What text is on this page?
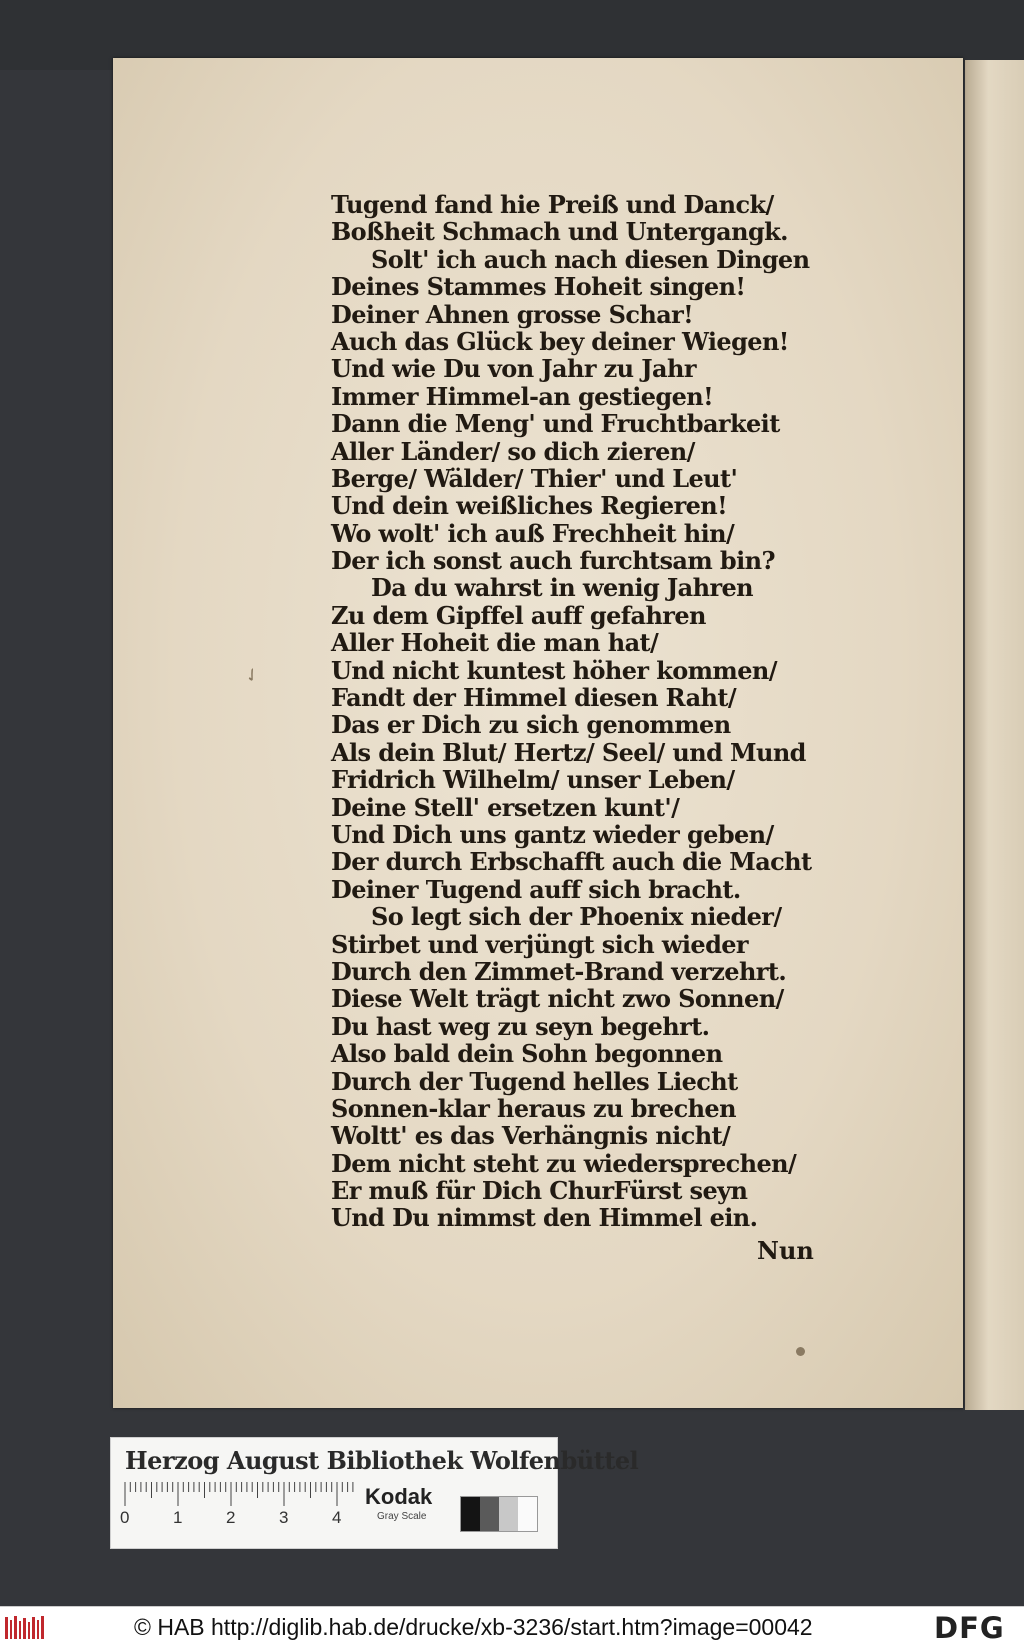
Tugend fand hie Preiß und Danck/
Boßheit Schmach und Untergangk.
Solt' ich auch nach diesen Dingen
Deines Stammes Hoheit singen!
Deiner Ahnen grosse Schar!
Auch das Glück bey deiner Wiegen!
Und wie Du von Jahr zu Jahr
Immer Himmel-an gestiegen!
Dann die Meng' und Fruchtbarkeit
Aller Länder/ so dich zieren/
Berge/ Wälder/ Thier' und Leut'
Und dein weißliches Regieren!
Wo wolt' ich auß Frechheit hin/
Der ich sonst auch furchtsam bin?
Da du wahrst in wenig Jahren
Zu dem Gipffel auff gefahren
Aller Hoheit die man hat/
Und nicht kuntest höher kommen/
Fandt der Himmel diesen Raht/
Das er Dich zu sich genommen
Als dein Blut/ Hertz/ Seel/ und Mund
Fridrich Wilhelm/ unser Leben/
Deine Stell' ersetzen kunt'/
Und Dich uns gantz wieder geben/
Der durch Erbschafft auch die Macht
Deiner Tugend auff sich bracht.
So legt sich der Phoenix nieder/
Stirbet und verjüngt sich wieder
Durch den Zimmet-Brand verzehrt.
Diese Welt trägt nicht zwo Sonnen/
Du hast weg zu seyn begehrt.
Also bald dein Sohn begonnen
Durch der Tugend helles Liecht
Sonnen-klar heraus zu brechen
Woltt' es das Verhängnis nicht/
Dem nicht steht zu wiedersprechen/
Er muß für Dich ChurFürst seyn
Und Du nimmst den Himmel ein.
Nun
✓
Herzog August Bibliothek Wolfenbüttel
0	1	2	3	4
Kodak
Gray Scale
© HAB http://diglib.hab.de/drucke/xb-3236/start.htm?image=00042	DFG
